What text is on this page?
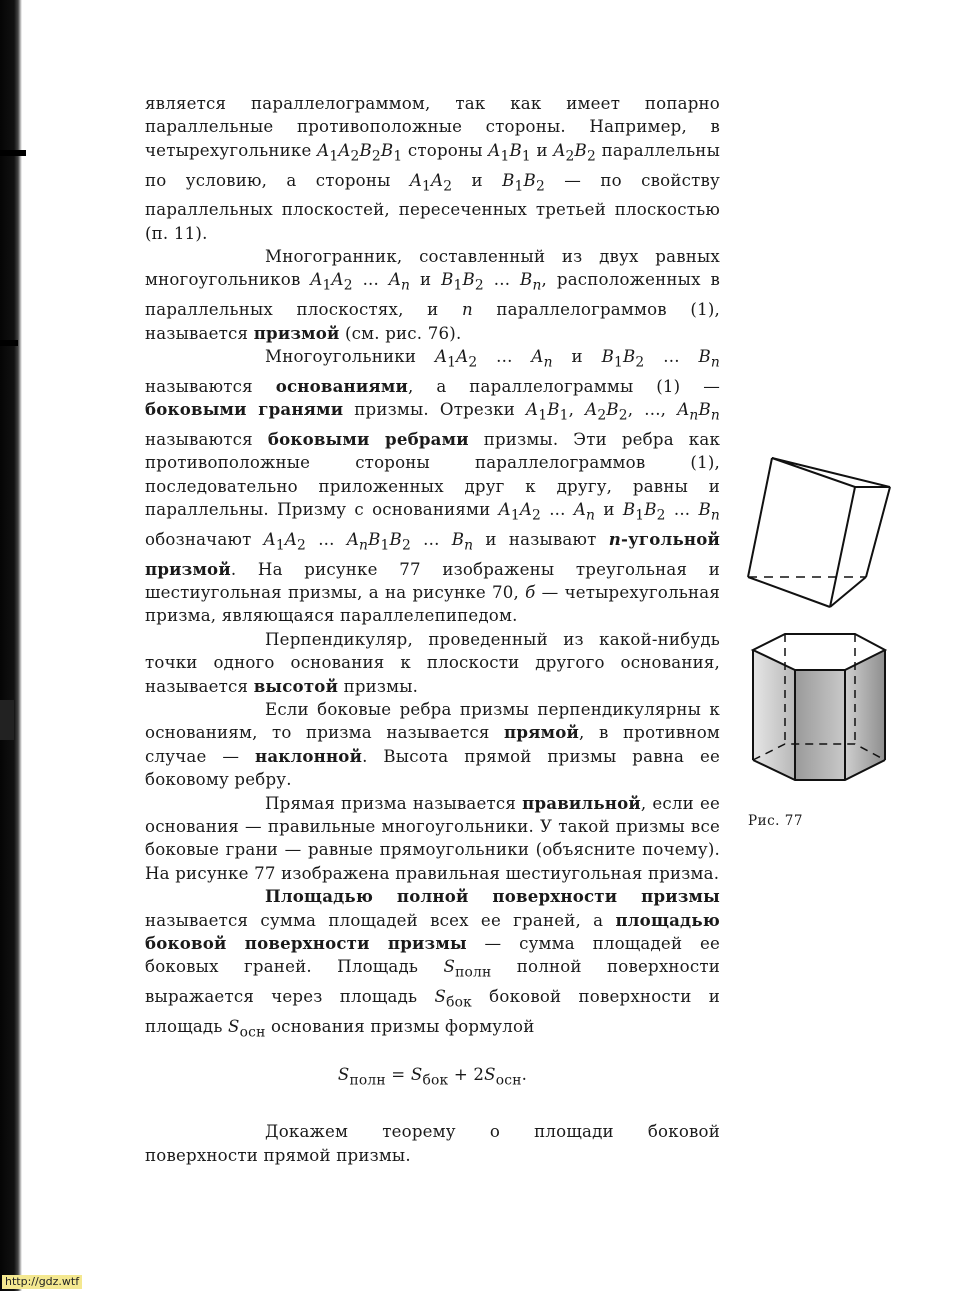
является параллелограммом, так как имеет попарно параллельные противоположные стороны. Например, в четырехугольнике $A_1A_2B_2B_1$ стороны $A_1B_1$ и $A_2B_2$ параллельны по условию, а стороны $A_1A_2$ и $B_1B_2$ — по свойству параллельных плоскостей, пересеченных третьей плоскостью (п. 11).

Многогранник, составленный из двух равных многоугольников $A_1A_2$ ... $A_n$ и $B_1B_2$ ... $B_n$, расположенных в параллельных плоскостях, и n параллелограммов (1), называется призмой (см. рис. 76).

Многоугольники $A_1A_2$ ... $A_n$ и $B_1B_2$ ... $B_n$ называются основаниями, а параллелограммы (1) — боковыми гранями призмы. Отрезки $A_1B_1$, $A_2B_2$, ..., $A_nB_n$ называются боковыми ребрами призмы. Эти ребра как противоположные стороны параллелограммов (1), последовательно приложенных друг к другу, равны и параллельны. Призму с основаниями $A_1A_2$ ... $A_n$ и $B_1B_2$ ... $B_n$ обозначают $A_1A_2$ ... $A_nB_1B_2$ ... $B_n$ и называют n-угольной призмой. На рисунке 77 изображены треугольная и шестиугольная призмы, а на рисунке 70, б — четырехугольная призма, являющаяся параллелепипедом.

Перпендикуляр, проведенный из какой-нибудь точки одного основания к плоскости другого основания, называется высотой призмы.

Если боковые ребра призмы перпендикулярны к основаниям, то призма называется прямой, в противном случае — наклонной. Высота прямой призмы равна ее боковому ребру.

Прямая призма называется правильной, если ее основания — правильные многоугольники. У такой призмы все боковые грани — равные прямоугольники (объясните почему). На рисунке 77 изображена правильная шестиугольная призма.

Площадью полной поверхности призмы называется сумма площадей всех ее граней, а площадью боковой поверхности призмы — сумма площадей ее боковых граней. Площадь $S_{полн}$ полной поверхности выражается через площадь $S_{бок}$ боковой поверхности и площадь $S_{осн}$ основания призмы формулой

$S_{полн} = S_{бок} + 2S_{осн}$.

Докажем теорему о площади боковой поверхности прямой призмы.

Рис. 77
http://gdz.wtf
